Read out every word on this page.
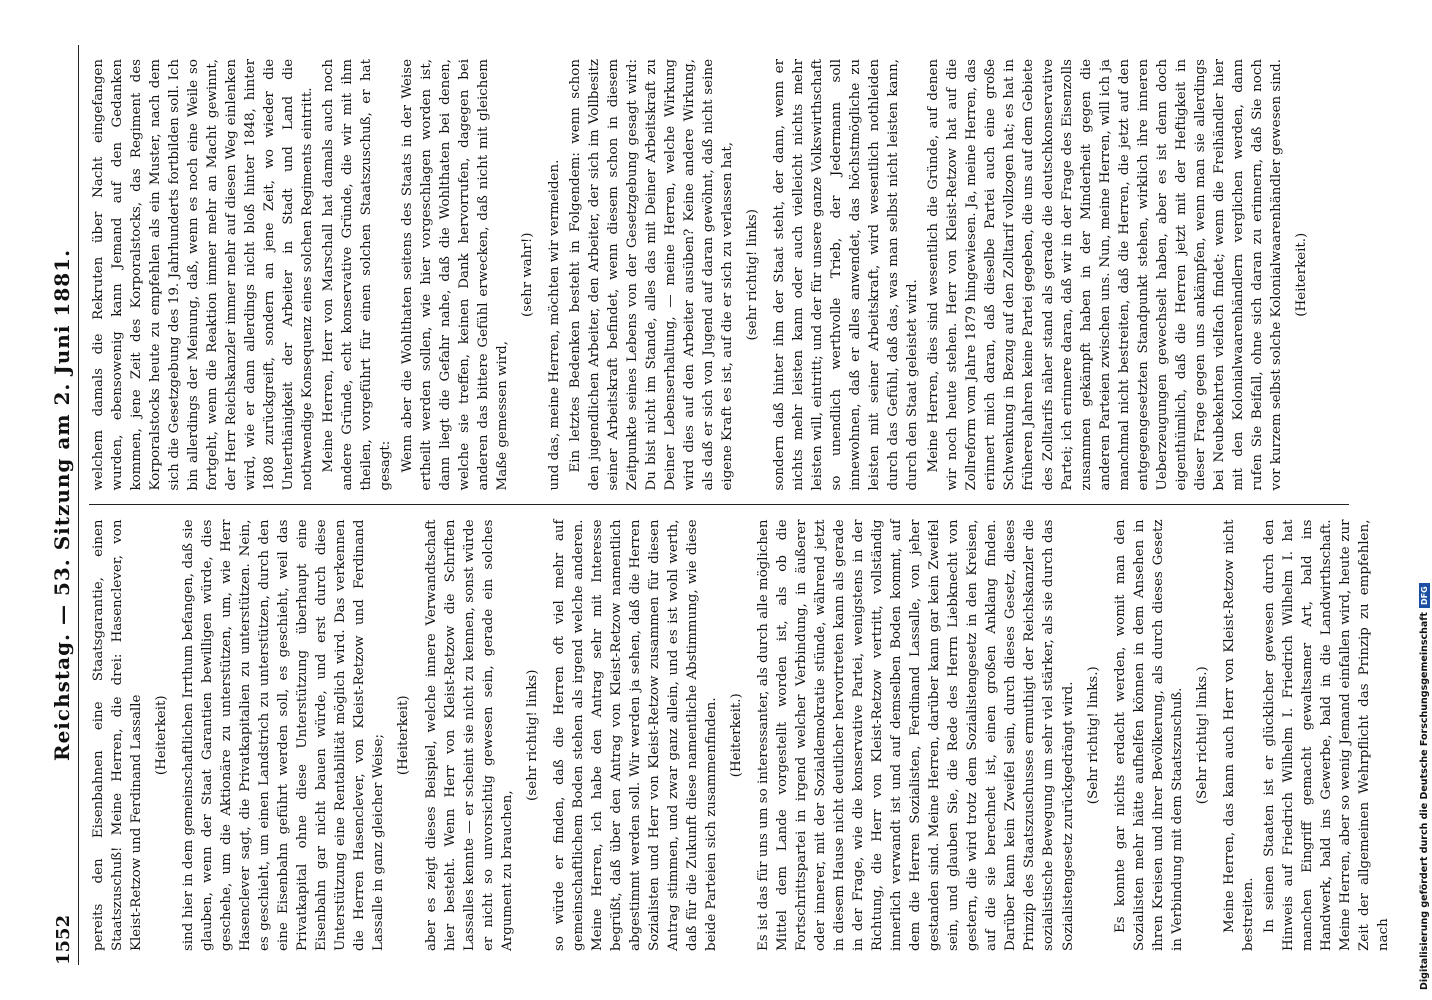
1552
Reichstag. — 53. Sitzung am 2. Juni 1881. pereits den Eisenbahnen eine Staatsgarantie, einen Staatszuschuß! Meine Herren, die drei: Hasenclever, von Kleist-Retzow und Ferdinand Lassalle (Heiterkeit) sind hier in dem gemeinschaftlichen Irrthum befangen, daß sie glauben, wenn der Staat Garantien bewilligen würde, dies geschehe, um die Aktionäre zu unterstützen, um, wie Herr Hasenclever sagt, die Privatkapitalien zu unterstützen. Nein, es geschieht, um einen Landstrich zu unterstützen, durch den eine Eisenbahn geführt werden soll, es geschieht, weil das Privatkapital ohne diese Unterstützung überhaupt eine Eisenbahn gar nicht bauen würde, und erst durch diese Unterstützung eine Rentabilität möglich wird. Das verkennen die Herren Hasenclever, von Kleist-Retzow und Ferdinand Lassalle in ganz gleicher Weise; (Heiterkeit) aber es zeigt dieses Beispiel, welche innere Verwandtschaft hier besteht. Wenn Herr von Kleist-Retzow die Schriften Lassalles kennte — er scheint sie nicht zu kennen, sonst würde er nicht so unvorsichtig gewesen sein, gerade ein solches Argument zu brauchen,

(sehr richtig! links) so würde er finden, daß die Herren oft viel mehr auf gemeinschaftlichem Boden stehen als irgend welche anderen. Meine Herren, ich habe den Antrag sehr mit Interesse begrüßt, daß über den Antrag von Kleist-Retzow namentlich abgestimmt werden soll. Wir werden ja sehen, daß die Herren Sozialisten und Herr von Kleist-Retzow zusammen für diesen Antrag stimmen, und zwar ganz allein, und es ist wohl werth, daß für die Zukunft diese namentliche Abstimmung, wie diese beide Parteien sich zusammenfinden. (Heiterkeit.) Es ist das für uns um so interessanter, als durch alle möglichen Mittel dem Lande vorgestellt worden ist, als ob die Fortschrittspartei in irgend welcher Verbindung, in äußerer oder innerer, mit der Sozialdemokratie stünde, während jetzt in diesem Hause nicht deutlicher hervortreten kann als gerade in der Frage, wie die konservative Partei, wenigstens in der Richtung, die Herr von Kleist-Retzow vertritt, vollständig innerlich verwandt ist und auf demselben Boden kommt, auf dem die Herren Sozialisten, Ferdinand Lassalle, von jeher gestanden sind. Meine Herren, darüber kann gar kein Zweifel sein, und glauben Sie, die Rede des Herrn Liebknecht von gestern, die wird trotz dem Sozialistengesetz in den Kreisen, auf die sie berechnet ist, einen großen Anklang finden. Darüber kann kein Zweifel sein, durch dieses Gesetz, dieses Prinzip des Staatszuschusses ermuthigt der Reichskanzler die sozialistische Bewegung um sehr viel stärker, als sie durch das Sozialistengesetz zurückgedrängt wird. (Sehr richtig! links.) Es konnte gar nichts erdacht werden, womit man den Sozialisten mehr hätte aufhelfen können in dem Ansehen in ihren Kreisen und ihrer Bevölkerung, als durch dieses Gesetz in Verbindung mit dem Staatszuschuß. (Sehr richtig! links.) Meine Herren, das kann auch Herr von Kleist-Retzow nicht bestreiten. In seinen Staaten ist er glücklicher gewesen durch den Hinweis auf Friedrich Wilhelm I. Friedrich Wilhelm I. hat manchen Eingriff gemacht gewaltsamer Art, bald ins Handwerk, bald ins Gewerbe, bald in die Landwirthschaft. Meine Herren, aber so wenig Jemand einfallen wird, heute zur Zeit der allgemeinen Wehrpflicht das Prinzip zu empfehlen, nach

welchem damals die Rekruten über Nacht eingefangen wurden, ebensowenig kann Jemand auf den Gedanken kommen, jene Zeit des Korporalstocks, das Regiment des Korporalstocks heute zu empfehlen als ein Muster, nach dem sich die Gesetzgebung des 19. Jahrhunderts fortbilden soll. Ich bin allerdings der Meinung, daß, wenn es noch eine Weile so fortgeht, wenn die Reaktion immer mehr an Macht gewinnt, der Herr Reichskanzler immer mehr auf diesen Weg einlenken wird, wie er dann allerdings nicht bloß hinter 1848, hinter 1808 zurückgreift, sondern an jene Zeit, wo wieder die Unterthänigkeit der Arbeiter in Stadt und Land die nothwendige Konsequenz eines solchen Regiments eintritt. Meine Herren, Herr von Marschall hat damals auch noch andere Gründe, echt konservative Gründe, die wir mit ihm theilen, vorgeführt für einen solchen Staatszuschuß, er hat gesagt: Wenn aber die Wohlthaten seitens des Staats in der Weise ertheilt werden sollen, wie hier vorgeschlagen worden ist, dann liegt die Gefahr nahe, daß die Wohlthaten bei denen, welche sie treffen, keinen Dank hervorrufen, dagegen bei anderen das bittere Gefühl erwecken, daß nicht mit gleichem Maße gemessen wird,

(sehr wahr!) und das, meine Herren, möchten wir vermeiden. Ein letztes Bedenken besteht in Folgendem: wenn schon den jugendlichen Arbeiter, den Arbeiter, der sich im Vollbesitz seiner Arbeitskraft befindet, wenn diesem schon in diesem Zeitpunkte seines Lebens von der Gesetzgebung gesagt wird: Du bist nicht im Stande, alles das mit Deiner Arbeitskraft zu Deiner Lebenserhaltung, — meine Herren, welche Wirkung wird dies auf den Arbeiter ausüben? Keine andere Wirkung, als daß er sich von Jugend auf daran gewöhnt, daß nicht seine eigene Kraft es ist, auf die er sich zu verlassen hat, (sehr richtig! links) sondern daß hinter ihm der Staat steht, der dann, wenn er nichts mehr leisten kann oder auch vielleicht nichts mehr leisten will, eintritt; und der für unsere ganze Volkswirthschaft so unendlich werthvolle Trieb, der Jedermann soll innewohnen, daß er alles anwendet, das höchstmögliche zu leisten mit seiner Arbeitskraft, wird wesentlich nothleiden durch das Gefühl, daß das, was man selbst nicht leisten kann, durch den Staat geleistet wird. Meine Herren, dies sind wesentlich die Gründe, auf denen wir noch heute stehen. Herr von Kleist-Retzow hat auf die Zollreform vom Jahre 1879 hingewiesen. Ja, meine Herren, das erinnert mich daran, daß dieselbe Partei auch eine große Schwenkung in Bezug auf den Zolltarif vollzogen hat; es hat in früheren Jahren keine Partei gegeben, die uns auf dem Gebiete des Zolltarifs näher stand als gerade die deutschkonservative Partei; ich erinnere daran, daß wir in der Frage des Eisenzolls zusammen gekämpft haben in der Minderheit gegen die anderen Parteien zwischen uns. Nun, meine Herren, will ich ja manchmal nicht bestreiten, daß die Herren, die jetzt auf den entgegengesetzten Standpunkt stehen, wirklich ihre inneren Ueberzeugungen gewechselt haben, aber es ist denn doch eigenthümlich, daß die Herren jetzt mit der Heftigkeit in dieser Frage gegen uns ankämpfen, wenn man sie allerdings bei Neubekehrten vielfach findet; wenn die Freihändler hier mit den Kolonialwaarenhändlern verglichen werden, dann rufen Sie Beifall, ohne sich daran zu erinnern, daß Sie noch vor kurzem selbst solche Kolonialwaarenhändler gewesen sind. (Heiterkeit.)
Digitalisierung gefördert durch die Deutsche Forschungsgemeinschaft
DFG
